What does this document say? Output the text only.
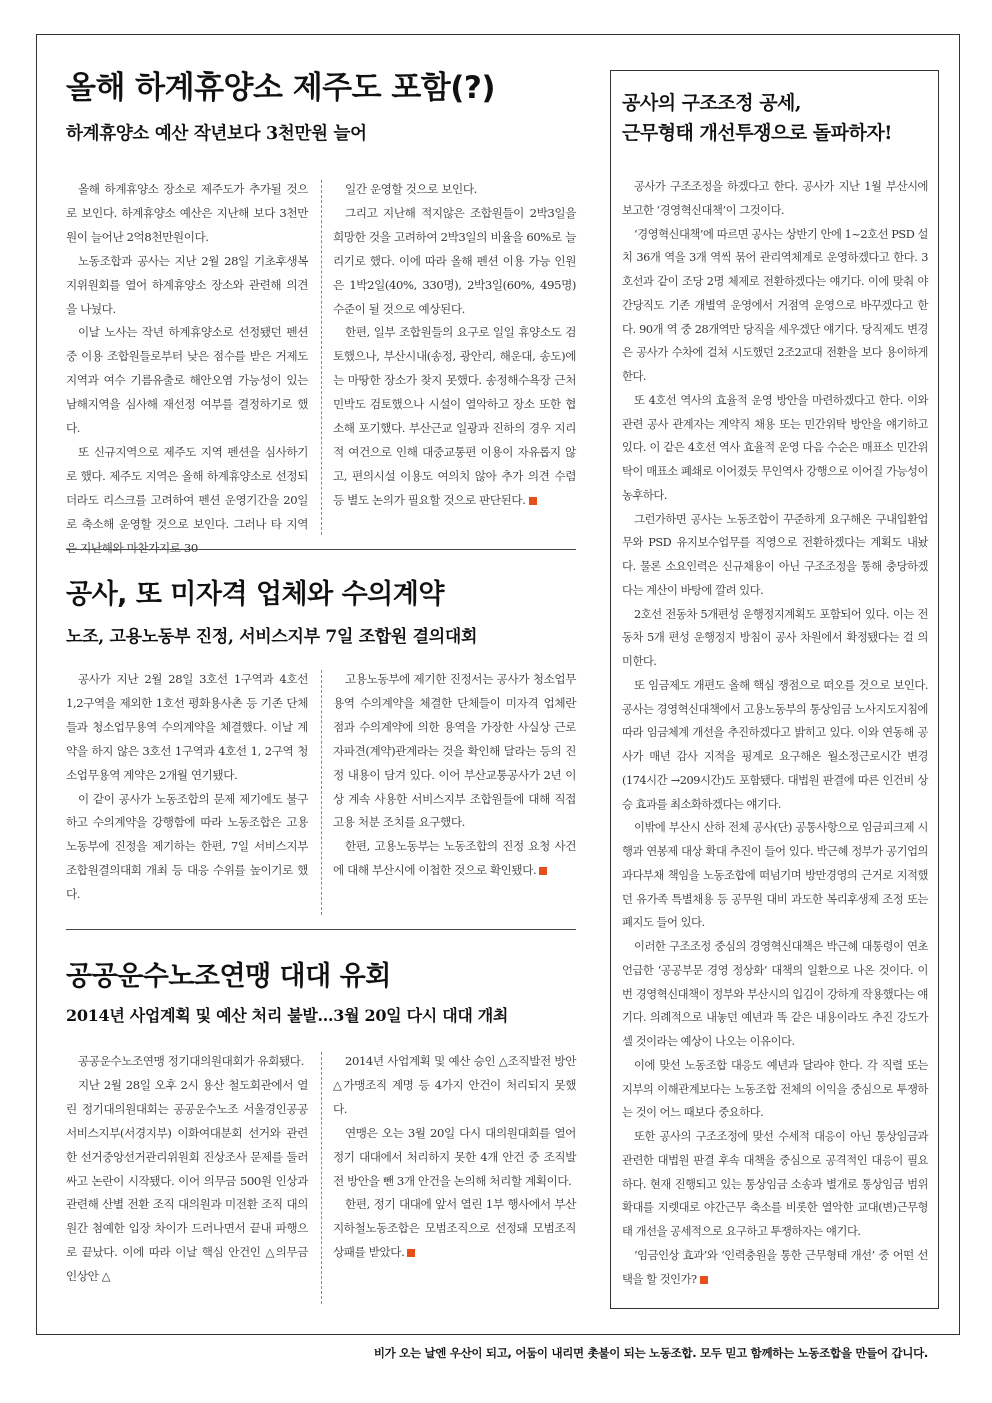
올해 하계휴양소 제주도 포함(?)
하계휴양소 예산 작년보다 3천만원 늘어

올해 하계휴양소 장소로 제주도가 추가될 것으로 보인다. 하계휴양소 예산은 지난해 보다 3천만원이 늘어난 2억8천만원이다.

노동조합과 공사는 지난 2월 28일 기초후생복지위원회를 열어 하계휴양소 장소와 관련해 의견을 나눴다.

이날 노사는 작년 하계휴양소로 선정됐던 펜션 중 이용 조합원들로부터 낮은 점수를 받은 거제도 지역과 여수 기름유출로 해안오염 가능성이 있는 남해지역을 심사해 재선정 여부를 결정하기로 했다.

또 신규지역으로 제주도 지역 펜션을 심사하기로 했다. 제주도 지역은 올해 하계휴양소로 선정되더라도 리스크를 고려하여 펜션 운영기간을 20일로 축소해 운영할 것으로 보인다. 그러나 타 지역은 지난해와 마찬가지로 30

일간 운영할 것으로 보인다.

그리고 지난해 적지않은 조합원들이 2박3일을 희망한 것을 고려하여 2박3일의 비율을 60%로 늘리기로 했다. 이에 따라 올해 펜션 이용 가능 인원은 1박2일(40%, 330명), 2박3일(60%, 495명) 수준이 될 것으로 예상된다.

한편, 일부 조합원들의 요구로 일일 휴양소도 검토했으나, 부산시내(송정, 광안리, 해운대, 송도)에는 마땅한 장소가 찾지 못했다. 송정해수욕장 근처 민박도 검토했으나 시설이 열악하고 장소 또한 협소해 포기했다. 부산근교 일광과 진하의 경우 지리적 여건으로 인해 대중교통편 이용이 자유롭지 않고, 편의시설 이용도 여의치 않아 추가 의견 수렴 등 별도 논의가 필요할 것으로 판단된다.

공사, 또 미자격 업체와 수의계약
노조, 고용노동부 진정, 서비스지부 7일 조합원 결의대회

공사가 지난 2월 28일 3호선 1구역과 4호선 1,2구역을 제외한 1호선 평화용사촌 등 기존 단체들과 청소업무용역 수의계약을 체결했다. 이날 계약을 하지 않은 3호선 1구역과 4호선 1, 2구역 청소업무용역 계약은 2개월 연기됐다.

이 같이 공사가 노동조합의 문제 제기에도 불구하고 수의계약을 강행함에 따라 노동조합은 고용노동부에 진정을 제기하는 한편, 7일 서비스지부 조합원결의대회 개최 등 대응 수위를 높이기로 했다.

고용노동부에 제기한 진정서는 공사가 청소업무용역 수의계약을 체결한 단체들이 미자격 업체란 점과 수의계약에 의한 용역을 가장한 사실상 근로자파견(계약)관계라는 것을 확인해 달라는 등의 진정 내용이 담겨 있다. 이어 부산교통공사가 2년 이상 계속 사용한 서비스지부 조합원들에 대해 직접 고용 처분 조치를 요구했다.

한편, 고용노동부는 노동조합의 진정 요청 사건에 대해 부산시에 이첩한 것으로 확인됐다.

공공운수노조연맹 대대 유회
2014년 사업계획 및 예산 처리 불발…3월 20일 다시 대대 개최

공공운수노조연맹 정기대의원대회가 유회됐다.

지난 2월 28일 오후 2시 용산 철도회관에서 열린 정기대의원대회는 공공운수노조 서울경인공공서비스지부(서경지부) 이화여대분회 선거와 관련한 선거중앙선거관리위원회 진상조사 문제를 둘러싸고 논란이 시작됐다. 이어 의무금 500원 인상과 관련해 산별 전환 조직 대의원과 미전환 조직 대의원간 첨예한 입장 차이가 드러나면서 끝내 파행으로 끝났다. 이에 따라 이날 핵심 안건인 △의무금 인상안 △

2014년 사업계획 및 예산 승인 △조직발전 방안 △가맹조직 계명 등 4가지 안건이 처리되지 못했다.

연맹은 오는 3월 20일 다시 대의원대회를 열어 정기 대대에서 처리하지 못한 4개 안건 중 조직발전 방안을 뺀 3개 안건을 논의해 처리할 계획이다.

한편, 정기 대대에 앞서 열린 1부 행사에서 부산지하철노동조합은 모범조직으로 선정돼 모범조직 상패를 받았다.

공사의 구조조정 공세,
근무형태 개선투쟁으로 돌파하자!

공사가 구조조정을 하겠다고 한다. 공사가 지난 1월 부산시에 보고한 ‘경영혁신대책’이 그것이다.

‘경영혁신대책’에 따르면 공사는 상반기 안에 1~2호선 PSD 설치 36개 역을 3개 역씩 묶어 관리역체계로 운영하겠다고 한다. 3호선과 같이 조당 2명 체제로 전환하겠다는 얘기다. 이에 맞춰 야간당직도 기존 개별역 운영에서 거점역 운영으로 바꾸겠다고 한다. 90개 역 중 28개역만 당직을 세우겠단 얘기다. 당직제도 변경은 공사가 수차에 걸쳐 시도했던 2조2교대 전환을 보다 용이하게 한다.

또 4호선 역사의 효율적 운영 방안을 마련하겠다고 한다. 이와 관련 공사 관계자는 계약직 채용 또는 민간위탁 방안을 얘기하고 있다. 이 같은 4호선 역사 효율적 운영 다음 수순은 매표소 민간위탁이 매표소 폐쇄로 이어졌듯 무인역사 강행으로 이어질 가능성이 농후하다.

그런가하면 공사는 노동조합이 꾸준하게 요구해온 구내입환업무와 PSD 유지보수업무를 직영으로 전환하겠다는 계획도 내놨다. 물론 소요인력은 신규채용이 아닌 구조조정을 통해 충당하겠다는 계산이 바탕에 깔려 있다.

2호선 전동차 5개편성 운행정지계획도 포함되어 있다. 이는 전동차 5개 편성 운행정지 방침이 공사 차원에서 확정됐다는 걸 의미한다.

또 임금제도 개편도 올해 핵심 쟁점으로 떠오를 것으로 보인다. 공사는 경영혁신대책에서 고용노동부의 통상임금 노사지도지침에 따라 임금체계 개선을 추진하겠다고 밝히고 있다. 이와 연동해 공사가 매년 감사 지적을 핑계로 요구해온 월소정근로시간 변경(174시간 →209시간)도 포함됐다. 대법원 판결에 따른 인건비 상승 효과를 최소화하겠다는 얘기다.

이밖에 부산시 산하 전체 공사(단) 공통사항으로 임금피크제 시행과 연봉제 대상 확대 추진이 들어 있다. 박근혜 정부가 공기업의 과다부채 책임을 노동조합에 떠넘기며 방만경영의 근거로 지적했던 유가족 특별채용 등 공무원 대비 과도한 복리후생제 조정 또는 폐지도 들어 있다.

이러한 구조조정 중심의 경영혁신대책은 박근혜 대통령이 연초 언급한 ‘공공부문 경영 정상화’ 대책의 일환으로 나온 것이다. 이번 경영혁신대책이 정부와 부산시의 입김이 강하게 작용했다는 얘기다. 의례적으로 내놓던 예년과 똑 같은 내용이라도 추진 강도가 셀 것이라는 예상이 나오는 이유이다.

이에 맞선 노동조합 대응도 예년과 달라야 한다. 각 직렬 또는 지부의 이해관계보다는 노동조합 전체의 이익을 중심으로 투쟁하는 것이 어느 때보다 중요하다.

또한 공사의 구조조정에 맞선 수세적 대응이 아닌 통상임금과 관련한 대법원 판결 후속 대책을 중심으로 공격적인 대응이 필요하다. 현재 진행되고 있는 통상임금 소송과 별개로 통상임금 범위 확대를 지렛대로 야간근무 축소를 비롯한 열악한 교대(변)근무형태 개선을 공세적으로 요구하고 투쟁하자는 얘기다.

‘임금인상 효과’와 ‘인력충원을 통한 근무형태 개선’ 중 어떤 선택을 할 것인가?

비가 오는 날엔 우산이 되고, 어둠이 내리면 촛불이 되는 노동조합. 모두 믿고 함께하는 노동조합을 만들어 갑니다.
